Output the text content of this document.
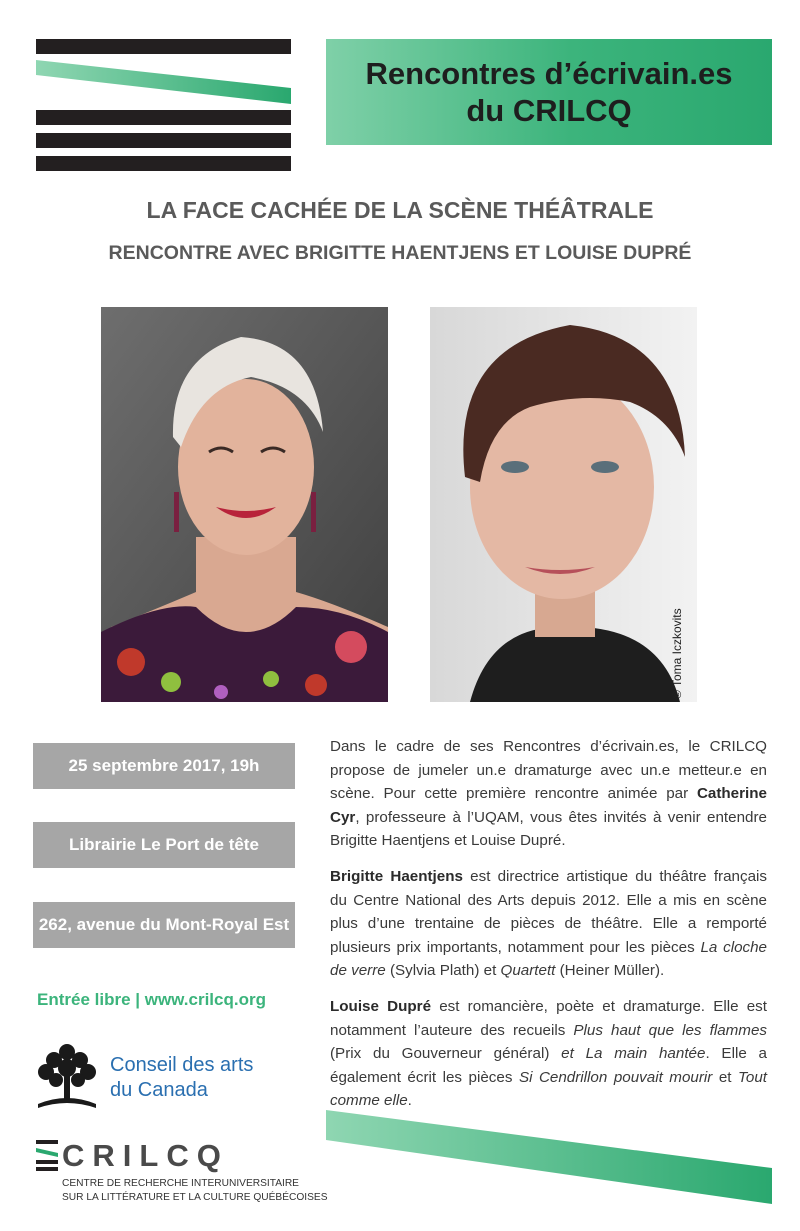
Rencontres d’écrivain.es
du CRILCQ
LA FACE CACHÉE DE LA SCÈNE THÉÂTRALE
RENCONTRE AVEC BRIGITTE HAENTJENS ET LOUISE DUPRÉ
© Toma Iczkovits
25 septembre 2017, 19h
Librairie Le Port de tête
262, avenue du Mont-Royal Est
Entrée libre | www.crilcq.org
Conseil des arts
du Canada
CRILCQ
CENTRE DE RECHERCHE INTERUNIVERSITAIRE
SUR LA LITTÉRATURE ET LA CULTURE QUÉBÉCOISES

Dans le cadre de ses Rencontres d’écrivain.es, le CRILCQ propose de jumeler un.e dramaturge avec un.e metteur.e en scène. Pour cette première rencontre animée par Catherine Cyr, professeure à l’UQAM, vous êtes invités à venir entendre Brigitte Haentjens et Louise Dupré.

Brigitte Haentjens est directrice artistique du théâtre français du Centre National des Arts depuis 2012. Elle a mis en scène plus d’une trentaine de pièces de théâtre. Elle a remporté plusieurs prix importants, notamment pour les pièces La cloche de verre (Sylvia Plath) et Quartett (Heiner Müller).

Louise Dupré est romancière, poète et dramaturge. Elle est notamment l’auteure des recueils Plus haut que les flammes (Prix du Gouverneur général) et La main hantée. Elle a également écrit les pièces Si Cendrillon pouvait mourir et Tout comme elle.
